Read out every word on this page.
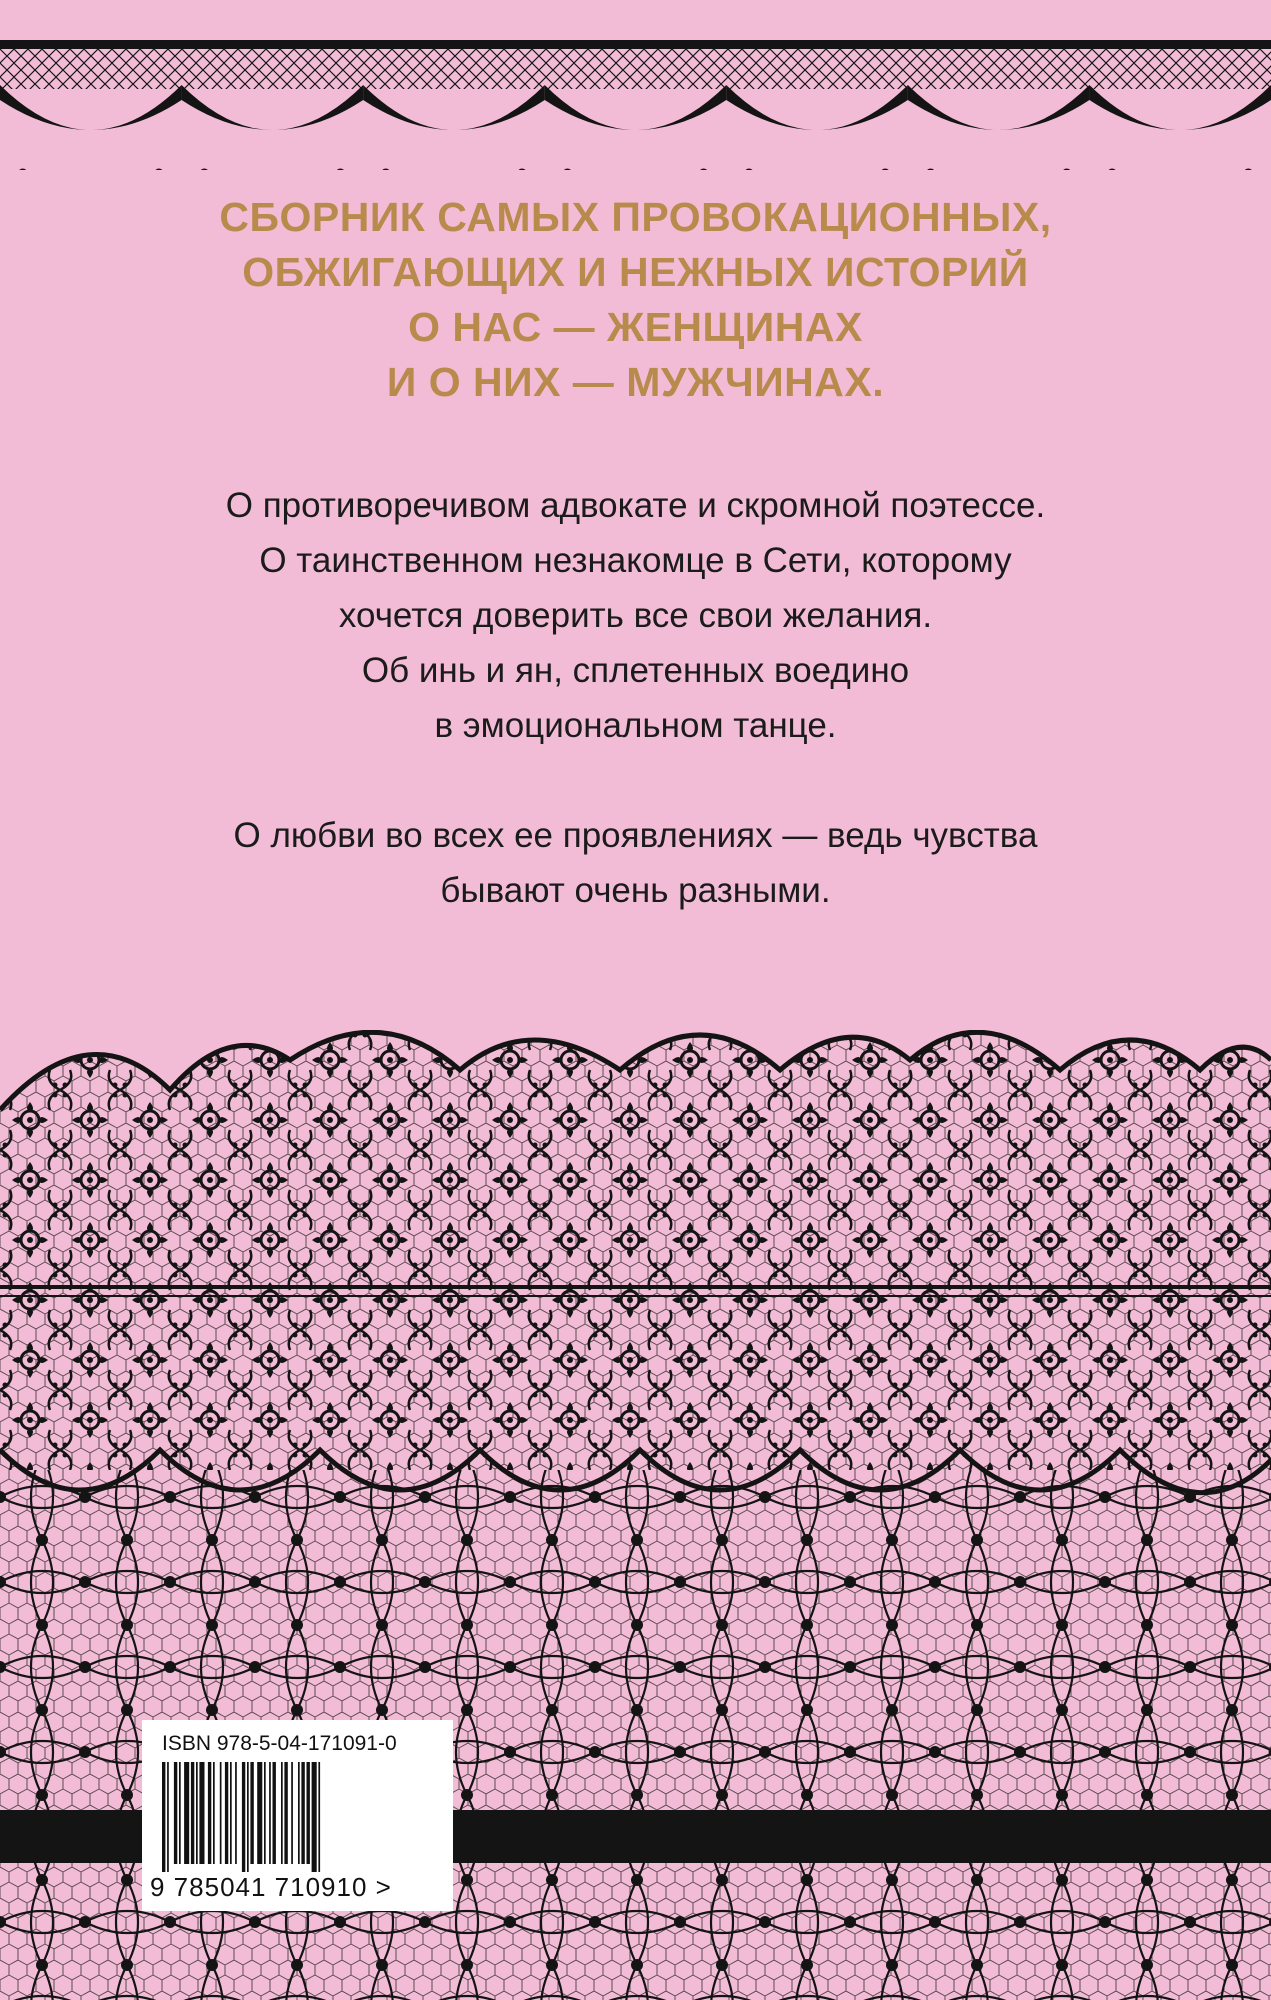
СБОРНИК САМЫХ ПРОВОКАЦИОННЫХ,
ОБЖИГАЮЩИХ И НЕЖНЫХ ИСТОРИЙ
О НАС — ЖЕНЩИНАХ
И О НИХ — МУЖЧИНАХ.
О противоречивом адвокате и скромной поэтессе.
О таинственном незнакомце в Сети, которому
хочется доверить все свои желания.
Об инь и ян, сплетенных воедино
в эмоциональном танце.
О любви во всех ее проявлениях — ведь чувства
бывают очень разными.
ISBN 978-5-04-171091-0
9 785041 710910 >
